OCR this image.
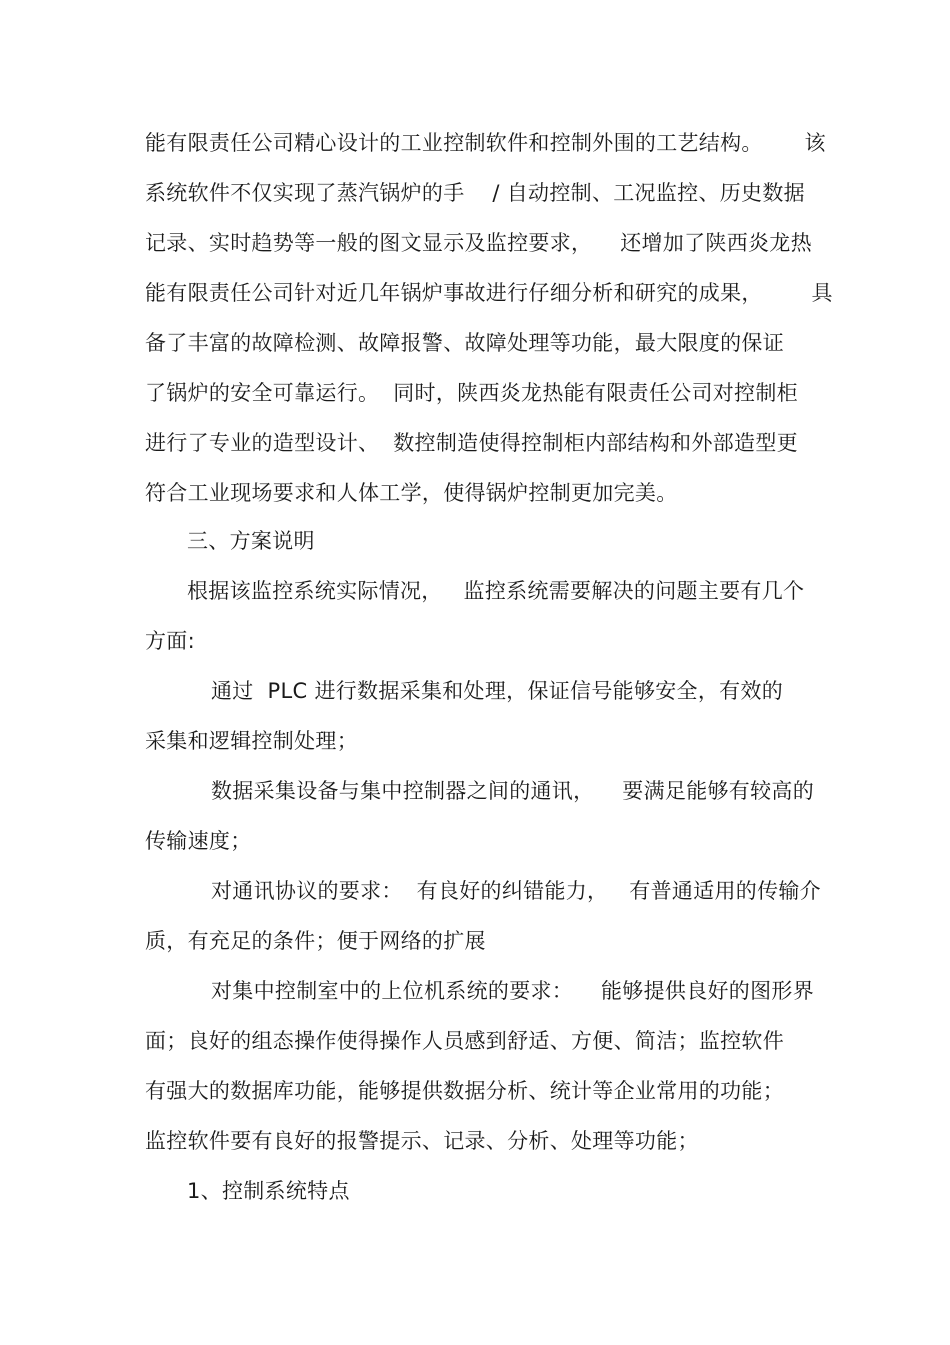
能有限责任公司精心设计的工业控制软件和控制外围的工艺结构。      该
系统软件不仅实现了蒸汽锅炉的手    / 自动控制、工况监控、历史数据
记录、实时趋势等一般的图文显示及监控要求，    还增加了陕西炎龙热
能有限责任公司针对近几年锅炉事故进行仔细分析和研究的成果，       具
备了丰富的故障检测、故障报警、故障处理等功能，最大限度的保证
了锅炉的安全可靠运行。  同时，陕西炎龙热能有限责任公司对控制柜
进行了专业的造型设计、  数控制造使得控制柜内部结构和外部造型更
符合工业现场要求和人体工学，使得锅炉控制更加完美。
三、方案说明
根据该监控系统实际情况，   监控系统需要解决的问题主要有几个
方面:
通过  PLC 进行数据采集和处理，保证信号能够安全，有效的
采集和逻辑控制处理；
数据采集设备与集中控制器之间的通讯，    要满足能够有较高的
传输速度；
对通讯协议的要求：  有良好的纠错能力，   有普通适用的传输介
质，有充足的条件；便于网络的扩展
对集中控制室中的上位机系统的要求：    能够提供良好的图形界
面；良好的组态操作使得操作人员感到舒适、方便、简洁；监控软件
有强大的数据库功能，能够提供数据分析、统计等企业常用的功能；
监控软件要有良好的报警提示、记录、分析、处理等功能；
1、控制系统特点
